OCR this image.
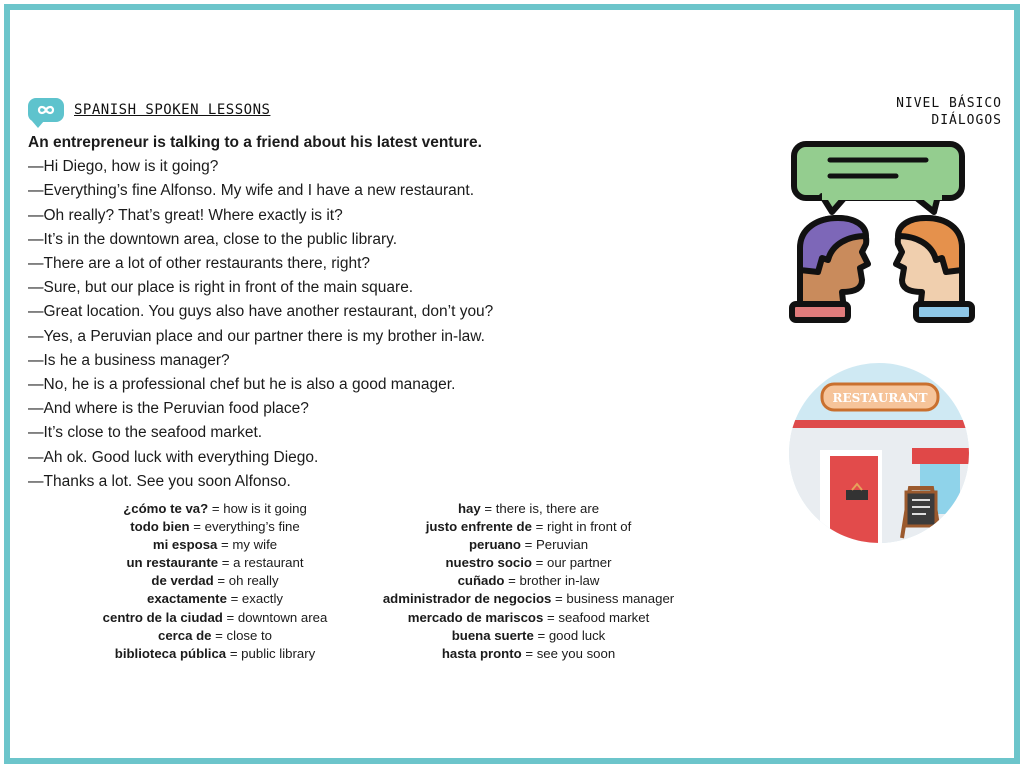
SPANISH SPOKEN LESSONS	NIVEL BÁSICO
DIÁLOGOS
An entrepreneur is talking to a friend about his latest venture.
—Hi Diego, how is it going?
—Everything’s fine Alfonso. My wife and I have a new restaurant.
—Oh really? That’s great! Where exactly is it?
—It’s in the downtown area, close to the public library.
—There are a lot of other restaurants there, right?
—Sure, but our place is right in front of the main square.
—Great location. You guys also have another restaurant, don’t you?
—Yes, a Peruvian place and our partner there is my brother in-law.
—Is he a business manager?
—No, he is a professional chef but he is also a good manager.
—And where is the Peruvian food place?
—It’s close to the seafood market.
—Ah ok. Good luck with everything Diego.
—Thanks a lot. See you soon Alfonso.
¿cómo te va? = how is it going
todo bien = everything’s fine
mi esposa = my wife
un restaurante = a restaurant
de verdad = oh really
exactamente = exactly
centro de la ciudad = downtown area
cerca de = close to
biblioteca pública = public library
hay = there is, there are
justo enfrente de = right in front of
peruano = Peruvian
nuestro socio = our partner
cuñado = brother in-law
administrador de negocios = business manager
mercado de mariscos = seafood market
buena suerte = good luck
hasta pronto = see you soon
RESTAURANT
